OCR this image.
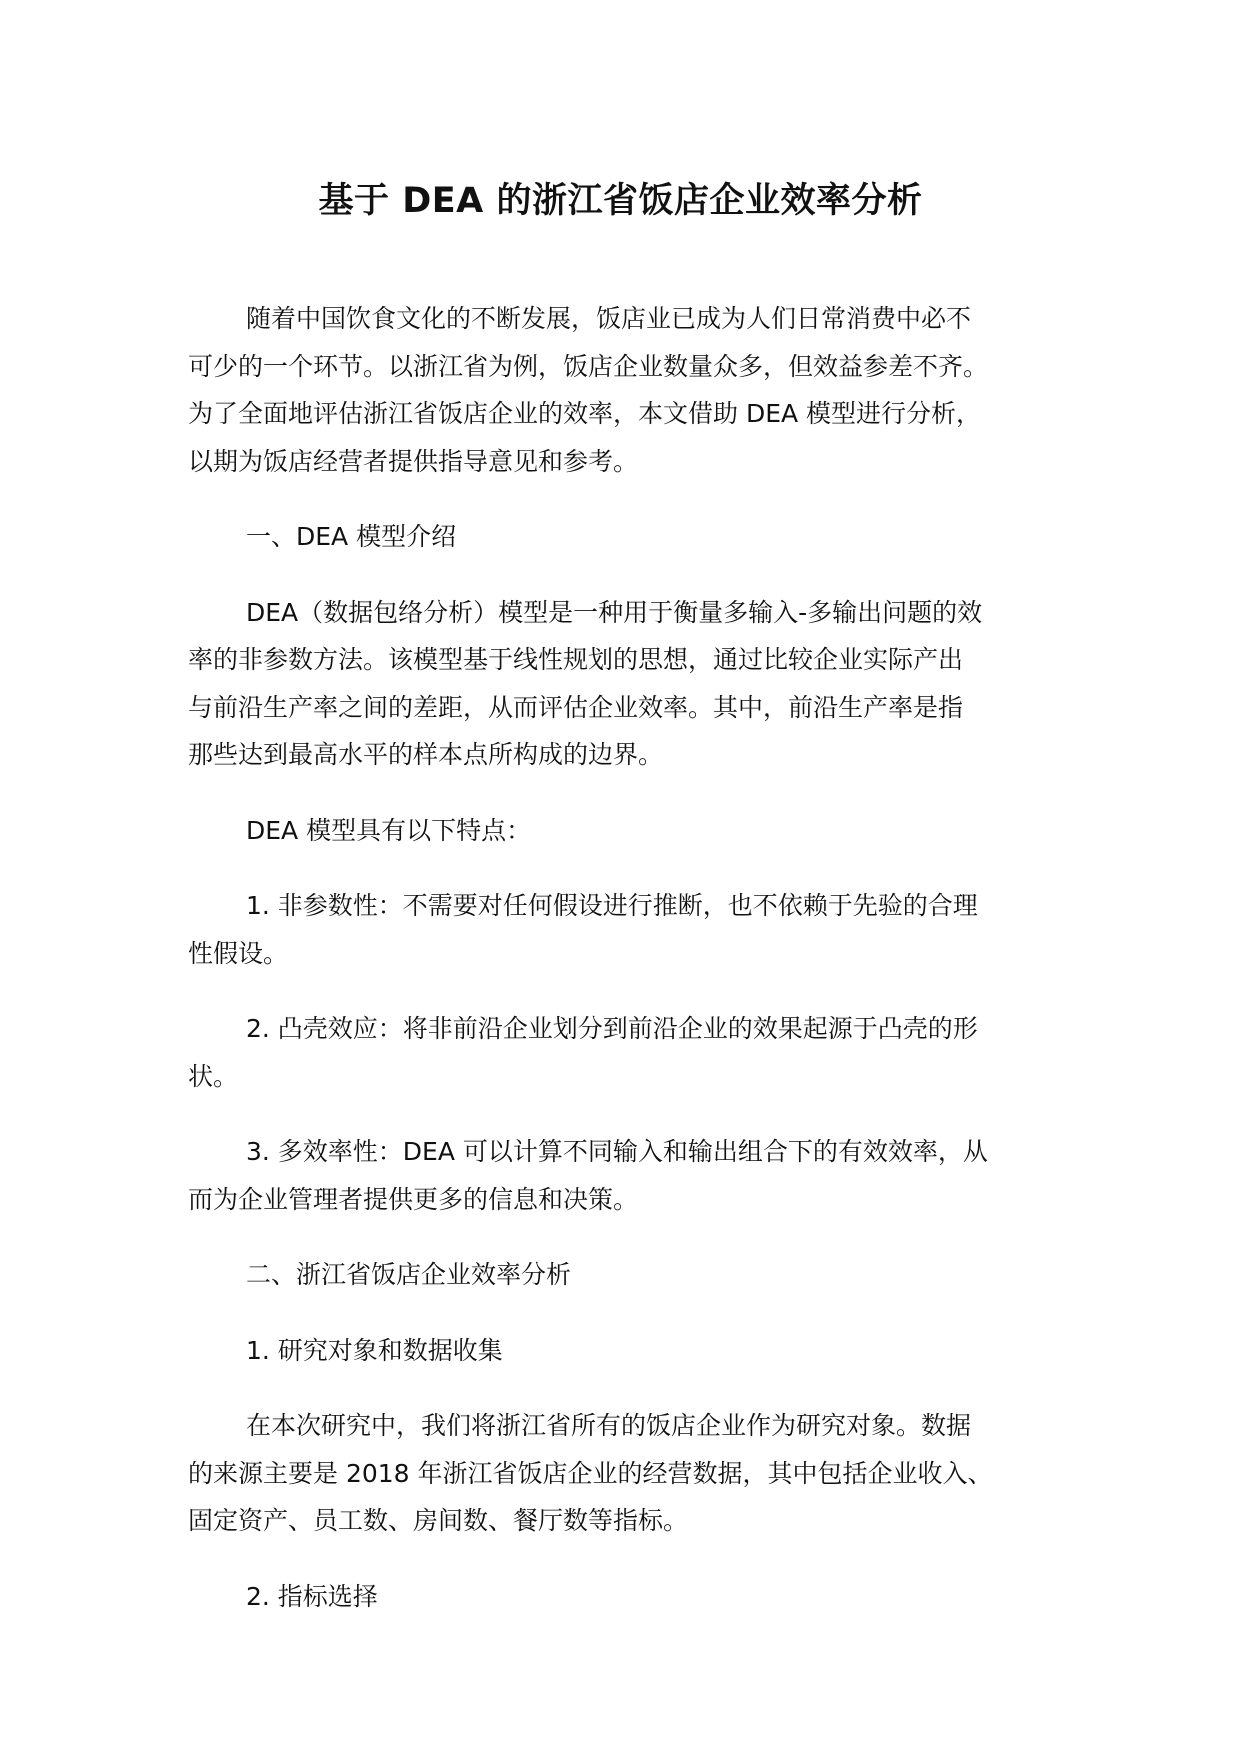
基于 DEA 的浙江省饭店企业效率分析
随着中国饮食文化的不断发展，饭店业已成为人们日常消费中必不
可少的一个环节。以浙江省为例，饭店企业数量众多，但效益参差不齐。
为了全面地评估浙江省饭店企业的效率，本文借助 DEA 模型进行分析，
以期为饭店经营者提供指导意见和参考。
一、DEA 模型介绍
DEA（数据包络分析）模型是一种用于衡量多输入-多输出问题的效
率的非参数方法。该模型基于线性规划的思想，通过比较企业实际产出
与前沿生产率之间的差距，从而评估企业效率。其中，前沿生产率是指
那些达到最高水平的样本点所构成的边界。
DEA 模型具有以下特点：
1. 非参数性：不需要对任何假设进行推断，也不依赖于先验的合理
性假设。
2. 凸壳效应：将非前沿企业划分到前沿企业的效果起源于凸壳的形
状。
3. 多效率性：DEA 可以计算不同输入和输出组合下的有效效率，从
而为企业管理者提供更多的信息和决策。
二、浙江省饭店企业效率分析
1. 研究对象和数据收集
在本次研究中，我们将浙江省所有的饭店企业作为研究对象。数据
的来源主要是 2018 年浙江省饭店企业的经营数据，其中包括企业收入、
固定资产、员工数、房间数、餐厅数等指标。
2. 指标选择
